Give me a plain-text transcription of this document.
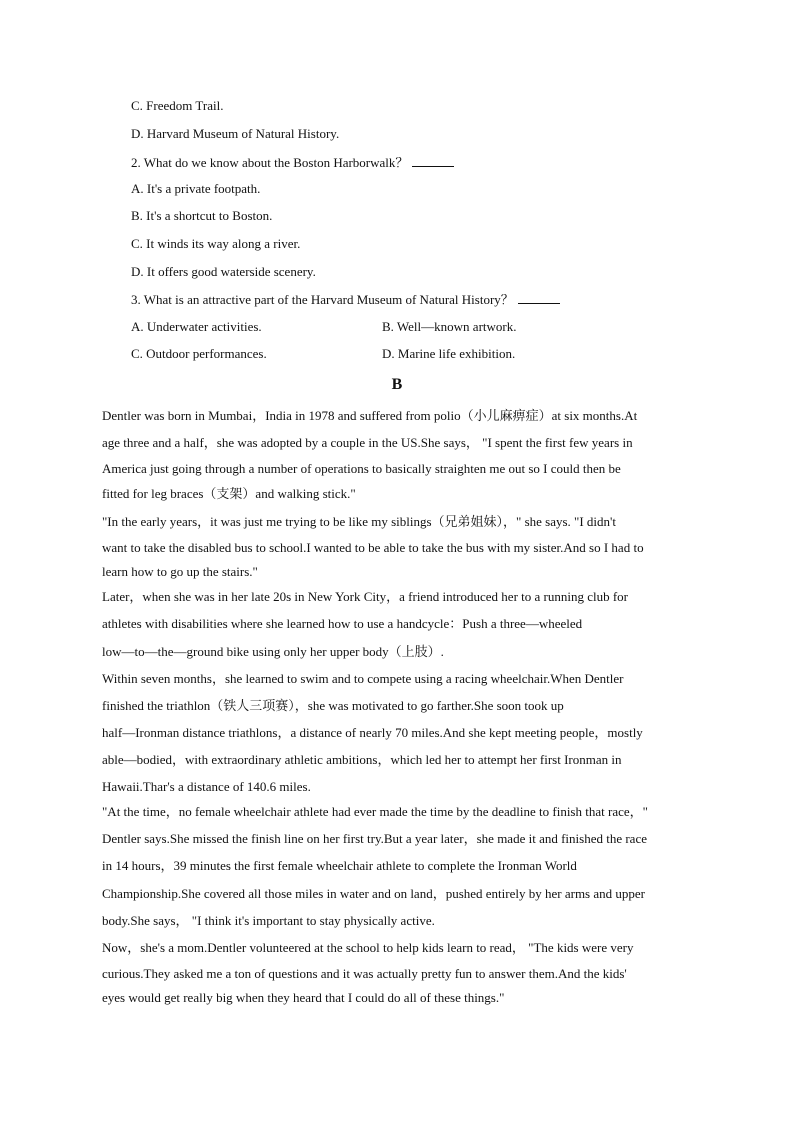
C. Freedom Trail.
D. Harvard Museum of Natural History.
2. What do we know about the Boston Harborwalk？
A. It's a private footpath.
B. It's a shortcut to Boston.
C. It winds its way along a river.
D. It offers good waterside scenery.
3. What is an attractive part of the Harvard Museum of Natural History？
A. Underwater activities.	B. Well—known artwork.
C. Outdoor performances.	D. Marine life exhibition.
B
Dentler was born in Mumbai，India in 1978 and suffered from polio（小儿麻痹症）at six months.At
age three and a half，she was adopted by a couple in the US.She says， "I spent the first few years in
America just going through a number of operations to basically straighten me out so I could then be
fitted for leg braces（支架）and walking stick."
"In the early years，it was just me trying to be like my siblings（兄弟姐妹），" she says. "I didn't
want to take the disabled bus to school.I wanted to be able to take the bus with my sister.And so I had to
learn how to go up the stairs."
Later，when she was in her late 20s in New York City，a friend introduced her to a running club for
athletes with disabilities where she learned how to use a handcycle：Push a three—wheeled
low—to—the—ground bike using only her upper body（上肢）.
Within seven months，she learned to swim and to compete using a racing wheelchair.When Dentler
finished the triathlon（铁人三项赛），she was motivated to go farther.She soon took up
half—Ironman distance triathlons，a distance of nearly 70 miles.And she kept meeting people，mostly
able—bodied，with extraordinary athletic ambitions，which led her to attempt her first Ironman in
Hawaii.Thar's a distance of 140.6 miles.
"At the time，no female wheelchair athlete had ever made the time by the deadline to finish that race，"
Dentler says.She missed the finish line on her first try.But a year later，she made it and finished the race
in 14 hours，39 minutes the first female wheelchair athlete to complete the Ironman World
Championship.She covered all those miles in water and on land，pushed entirely by her arms and upper
body.She says， "I think it's important to stay physically active.
Now，she's a mom.Dentler volunteered at the school to help kids learn to read， "The kids were very
curious.They asked me a ton of questions and it was actually pretty fun to answer them.And the kids'
eyes would get really big when they heard that I could do all of these things."
